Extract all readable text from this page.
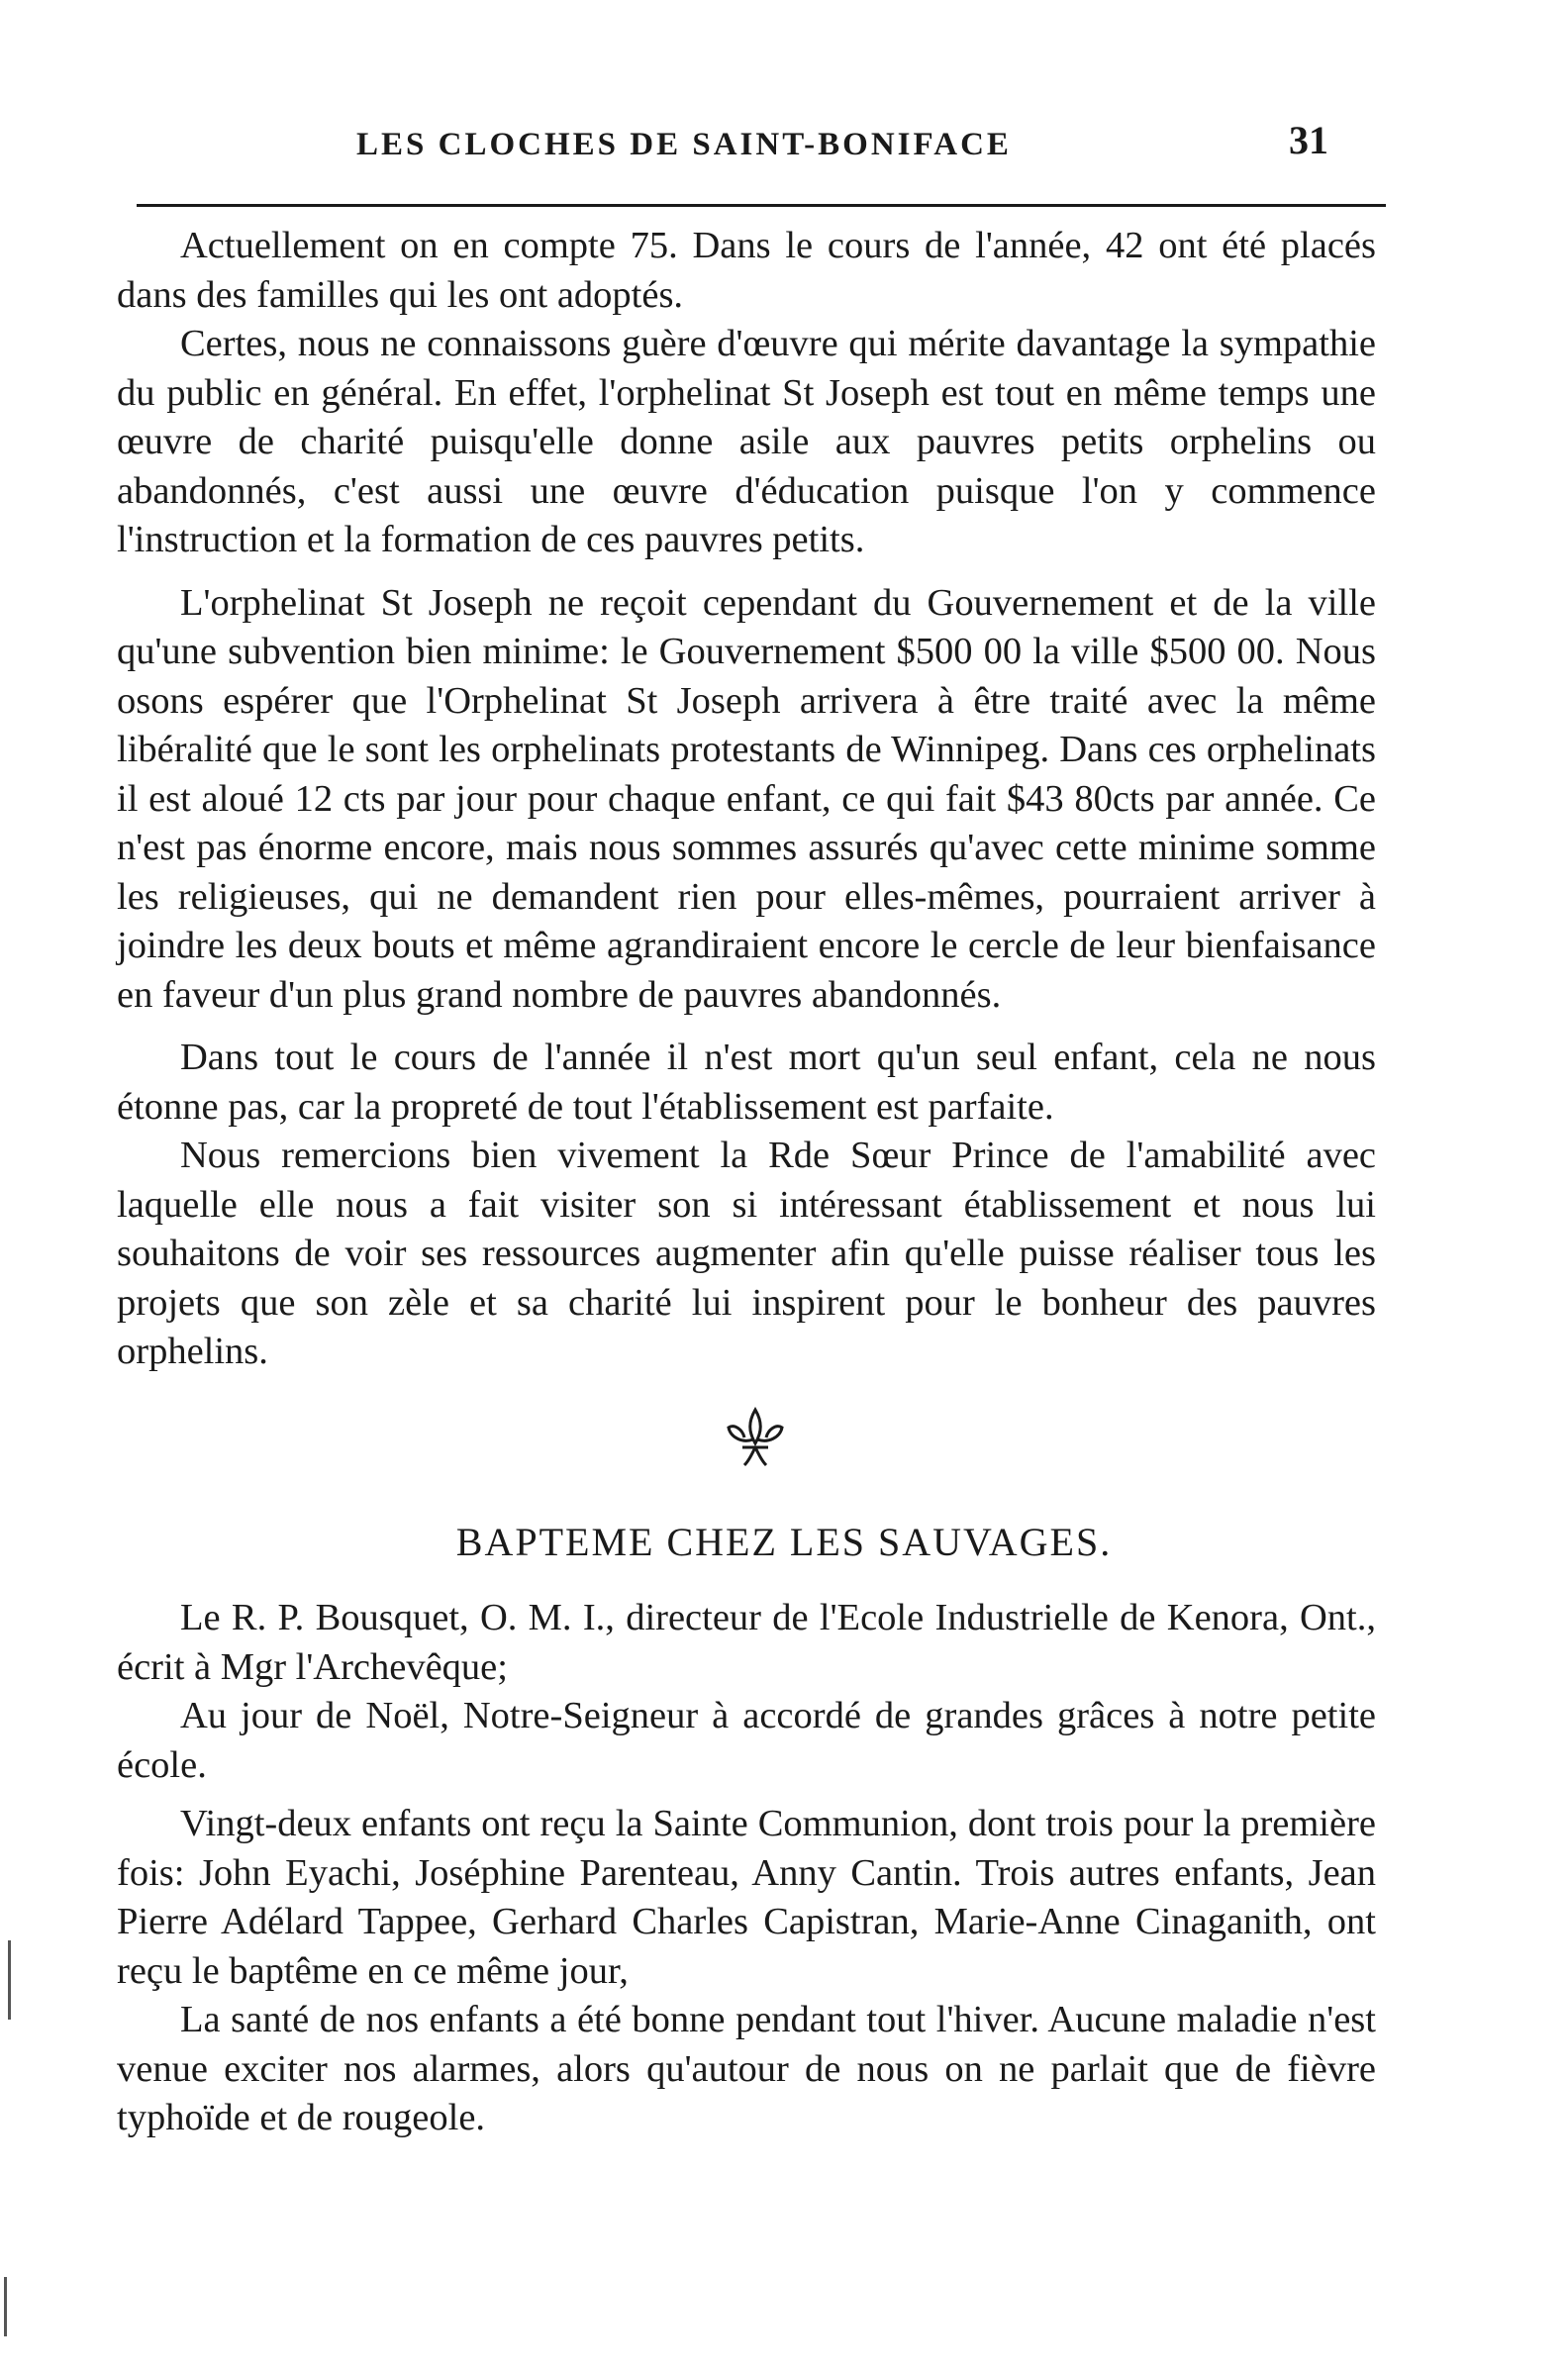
LES CLOCHES DE SAINT-BONIFACE	31

Actuellement on en compte 75. Dans le cours de l'année, 42 ont été placés dans des familles qui les ont adoptés.

Certes, nous ne connaissons guère d'œuvre qui mérite davantage la sympathie du public en général. En effet, l'orphelinat St Joseph est tout en même temps une œuvre de charité puisqu'elle donne asile aux pauvres petits orphelins ou abandonnés, c'est aussi une œuvre d'éducation puisque l'on y commence l'instruction et la formation de ces pauvres petits.

L'orphelinat St Joseph ne reçoit cependant du Gouvernement et de la ville qu'une subvention bien minime: le Gouvernement $500 00 la ville $500 00. Nous osons espérer que l'Orphelinat St Joseph arrivera à être traité avec la même libéralité que le sont les orphelinats protestants de Winnipeg. Dans ces orphelinats il est aloué 12 cts par jour pour chaque enfant, ce qui fait $43 80cts par année. Ce n'est pas énorme encore, mais nous sommes assurés qu'avec cette minime somme les religieuses, qui ne demandent rien pour elles-mêmes, pourraient arriver à joindre les deux bouts et même agrandiraient encore le cercle de leur bienfaisance en faveur d'un plus grand nombre de pauvres abandonnés.

Dans tout le cours de l'année il n'est mort qu'un seul enfant, cela ne nous étonne pas, car la propreté de tout l'établissement est parfaite.

Nous remercions bien vivement la Rde Sœur Prince de l'amabilité avec laquelle elle nous a fait visiter son si intéressant établissement et nous lui souhaitons de voir ses ressources augmenter afin qu'elle puisse réaliser tous les projets que son zèle et sa charité lui inspirent pour le bonheur des pauvres orphelins.

BAPTEME CHEZ LES SAUVAGES.

Le R. P. Bousquet, O. M. I., directeur de l'Ecole Industrielle de Kenora, Ont., écrit à Mgr l'Archevêque;

Au jour de Noël, Notre-Seigneur à accordé de grandes grâces à notre petite école.

Vingt-deux enfants ont reçu la Sainte Communion, dont trois pour la première fois: John Eyachi, Joséphine Parenteau, Anny Cantin. Trois autres enfants, Jean Pierre Adélard Tappee, Gerhard Charles Capistran, Marie-Anne Cinaganith, ont reçu le baptême en ce même jour,

La santé de nos enfants a été bonne pendant tout l'hiver. Aucune maladie n'est venue exciter nos alarmes, alors qu'autour de nous on ne parlait que de fièvre typhoïde et de rougeole.
